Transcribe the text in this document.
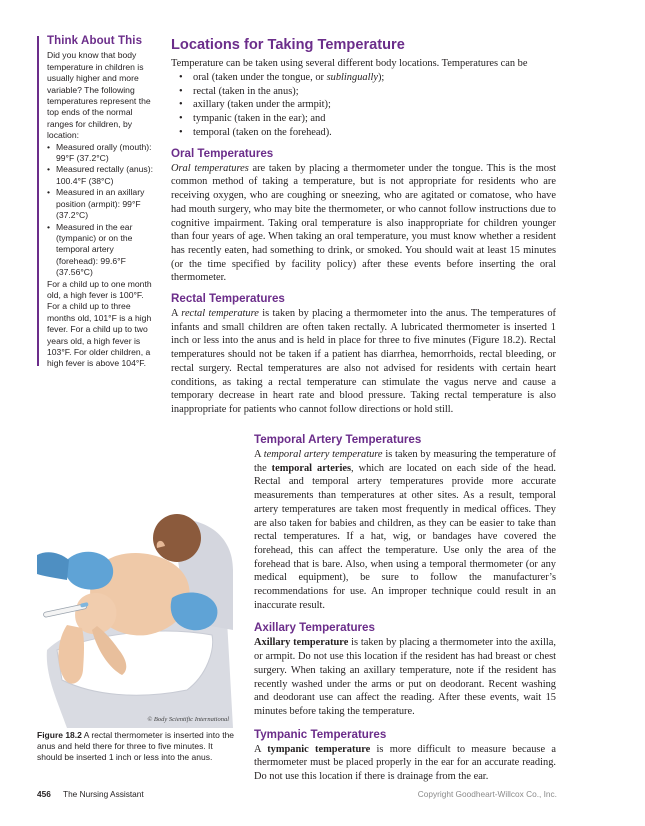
Think About This

Did you know that body temperature in children is usually higher and more variable? The following temperatures represent the top ends of the normal ranges for children, by location:

• Measured orally (mouth): 99°F (37.2°C)
• Measured rectally (anus): 100.4°F (38°C)
• Measured in an axillary position (armpit): 99°F (37.2°C)
• Measured in the ear (tympanic) or on the temporal artery (forehead): 99.6°F (37.56°C)

For a child up to one month old, a high fever is 100°F. For a child up to three months old, 101°F is a high fever. For a child up to two years old, a high fever is 103°F. For older children, a high fever is above 104°F.

Locations for Taking Temperature

Temperature can be taken using several different body locations. Temperatures can be

• oral (taken under the tongue, or sublingually);
• rectal (taken in the anus);
• axillary (taken under the armpit);
• tympanic (taken in the ear); and
• temporal (taken on the forehead).
Oral Temperatures

Oral temperatures are taken by placing a thermometer under the tongue. This is the most common method of taking a temperature, but is not appropriate for residents who are receiving oxygen, who are coughing or sneezing, who are agitated or comatose, who have had mouth surgery, who may bite the thermometer, or who cannot follow instructions due to cognitive impairment. Taking oral temperature is also inappropriate for children younger than four years of age. When taking an oral temperature, you must know whether a resident has recently eaten, had something to drink, or smoked. You should wait at least 15 minutes (or the time specified by facility policy) after these events before inserting the oral thermometer.

Rectal Temperatures

A rectal temperature is taken by placing a thermometer into the anus. The temperatures of infants and small children are often taken rectally. A lubricated thermometer is inserted 1 inch or less into the anus and is held in place for three to five minutes (Figure 18.2). Rectal temperatures should not be taken if a patient has diarrhea, hemorrhoids, rectal bleeding, or rectal surgery. Rectal temperatures are also not advised for residents with certain heart conditions, as taking a rectal temperature can stimulate the vagus nerve and cause a temporary decrease in heart rate and blood pressure. Taking rectal temperature is also inappropriate for patients who cannot follow directions or hold still.

Temporal Artery Temperatures

A temporal artery temperature is taken by measuring the temperature of the temporal arteries, which are located on each side of the head. Rectal and temporal artery temperatures provide more accurate measurements than temperatures at other sites. As a result, temporal artery temperatures are taken most frequently in medical offices. They are also taken for babies and children, as they can be easier to take than rectal temperatures. If a hat, wig, or bandages have covered the forehead, this can affect the temperature. Use only the area of the forehead that is bare. Also, when using a temporal thermometer (or any medical equipment), be sure to follow the manufacturer’s recommendations for use. An improper technique could result in an inaccurate result.

Axillary Temperatures

Axillary temperature is taken by placing a thermometer into the axilla, or armpit. Do not use this location if the resident has had breast or chest surgery. When taking an axillary temperature, note if the resident has recently washed under the arms or put on deodorant. Recent washing and deodorant use can affect the reading. After these events, wait 15 minutes before taking the temperature.

Tympanic Temperatures

A tympanic temperature is more difficult to measure because a thermometer must be placed properly in the ear for an accurate reading. Do not use this location if there is drainage from the ear.

© Body Scientific International
Figure 18.2 A rectal thermometer is inserted into the anus and held there for three to five minutes. It should be inserted 1 inch or less into the anus.
456 The Nursing Assistant	Copyright Goodheart-Willcox Co., Inc.
